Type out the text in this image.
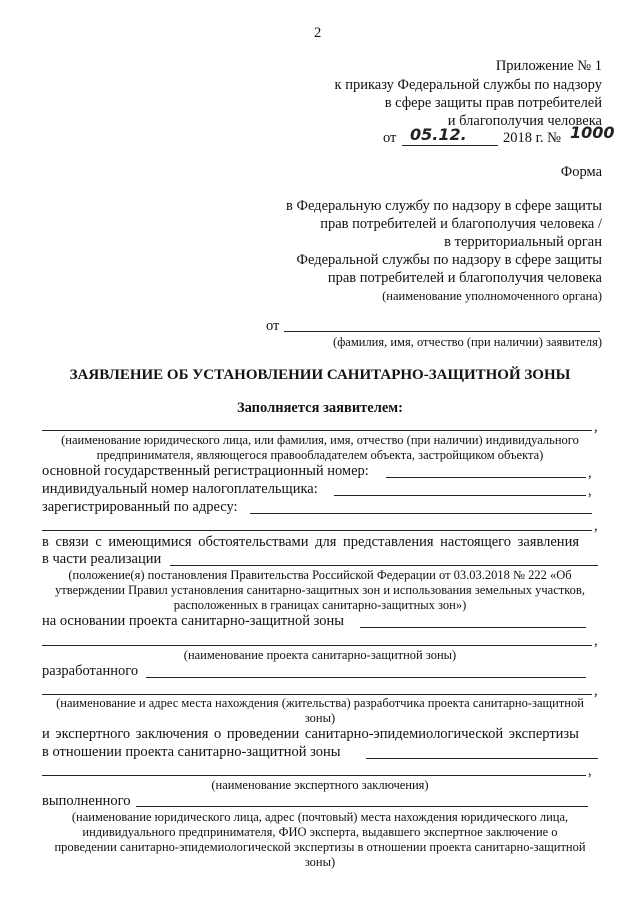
2
Приложение № 1
к приказу Федеральной службы по надзору
в сфере защиты прав потребителей
и благополучия человека
от 05.12.	2018 г. № 1000
Форма
в Федеральную службу по надзору в сфере защиты
прав потребителей и благополучия человека /
в территориальный орган
Федеральной службы по надзору в сфере защиты
прав потребителей и благополучия человека
(наименование уполномоченного органа)
от
(фамилия, имя, отчество (при наличии) заявителя)
ЗАЯВЛЕНИЕ ОБ УСТАНОВЛЕНИИ САНИТАРНО-ЗАЩИТНОЙ ЗОНЫ
Заполняется заявителем:
,
(наименование юридического лица, или фамилия, имя, отчество (при наличии) индивидуального
предпринимателя, являющегося правообладателем объекта, застройщиком объекта)
основной государственный регистрационный номер:	,
индивидуальный номер налогоплательщика:	,
зарегистрированный по адресу:
,
в связи с имеющимися обстоятельствами для представления настоящего заявления
в части реализации
(положение(я) постановления Правительства Российской Федерации от 03.03.2018 № 222 «Об
утверждении Правил установления санитарно-защитных зон и использования земельных участков,
расположенных в границах санитарно-защитных зон»)
на основании проекта санитарно-защитной зоны
,
(наименование проекта санитарно-защитной зоны)
разработанного
,
(наименование и адрес места нахождения (жительства) разработчика проекта санитарно-защитной
зоны)
и экспертного заключения о проведении санитарно-эпидемиологической экспертизы
в отношении проекта санитарно-защитной зоны
,
(наименование экспертного заключения)
выполненного
(наименование юридического лица, адрес (почтовый) места нахождения юридического лица,
индивидуального предпринимателя, ФИО эксперта, выдавшего экспертное заключение о
проведении санитарно-эпидемиологической экспертизы в отношении проекта санитарно-защитной
зоны)
